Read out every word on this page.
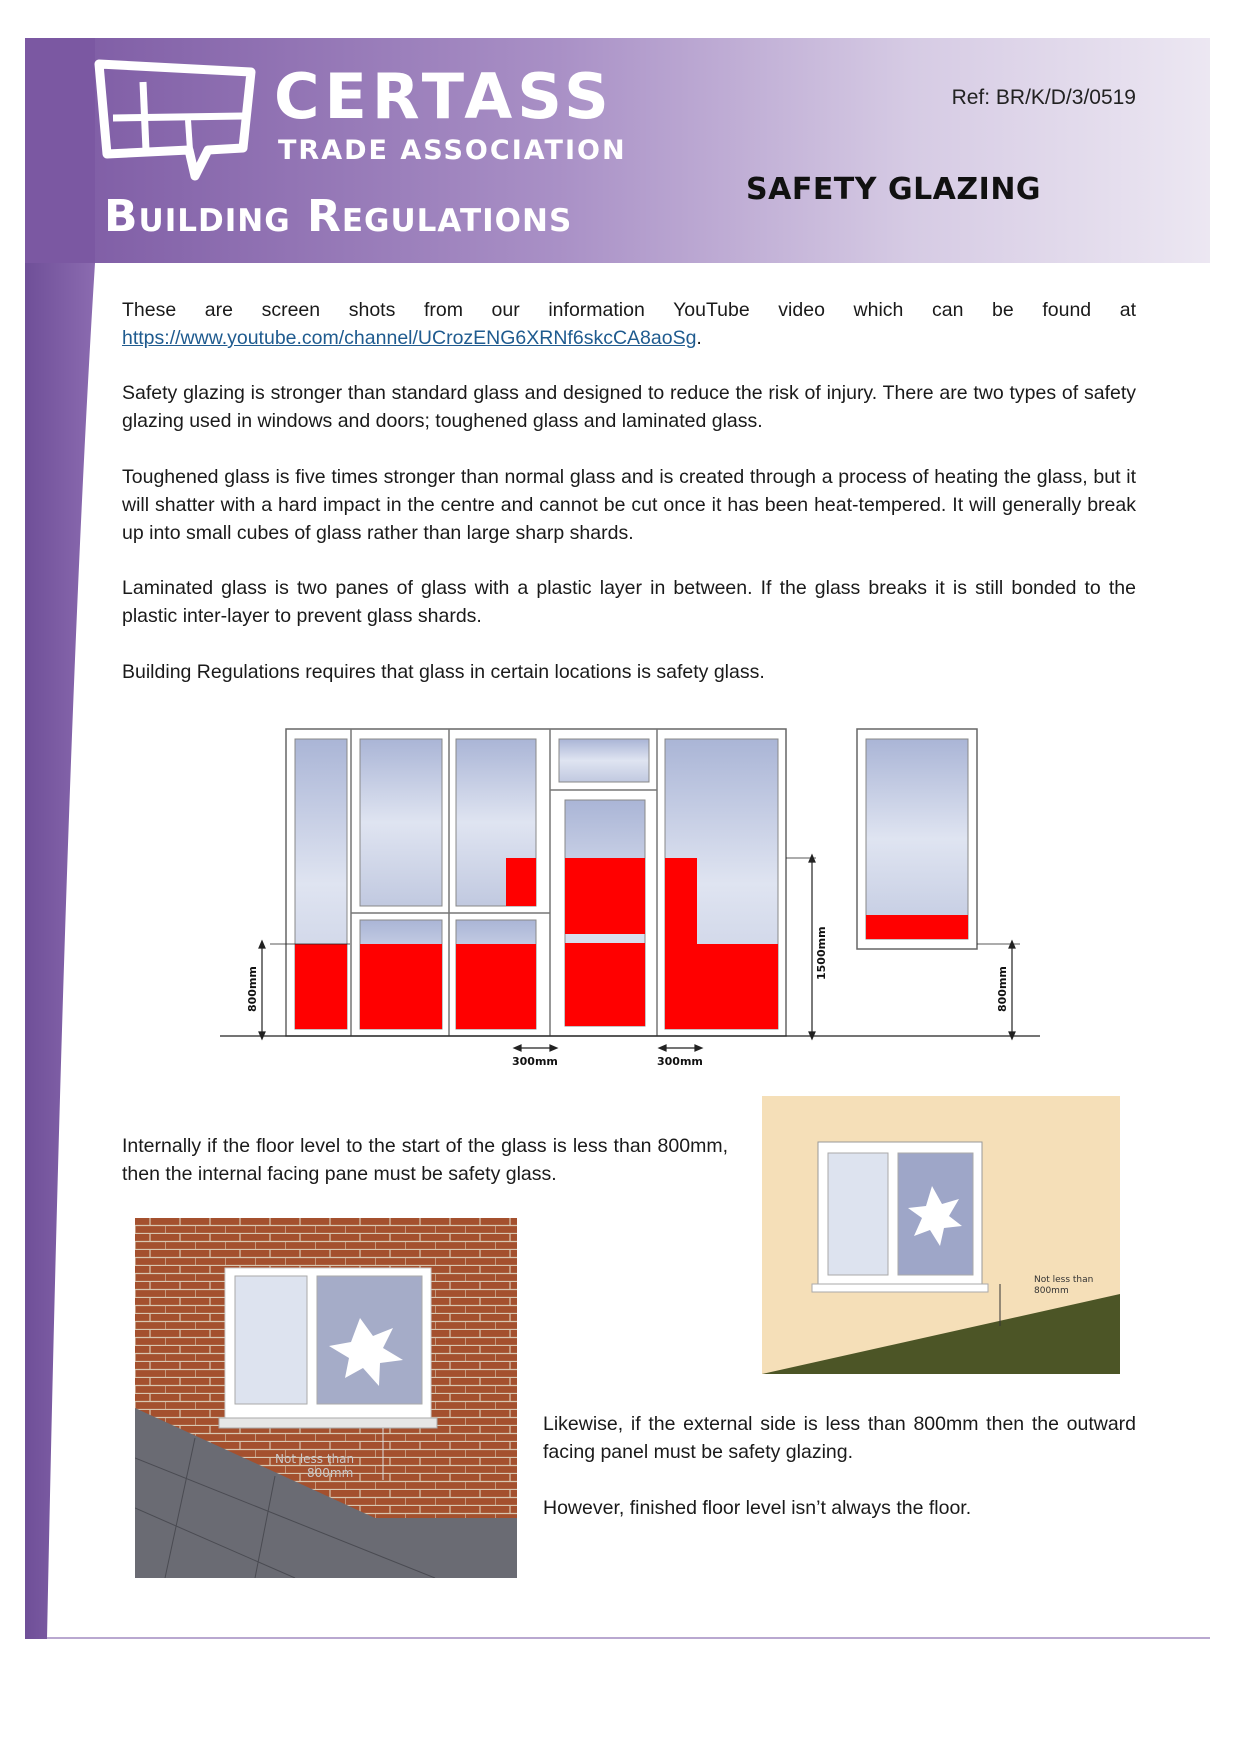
CERTASS
TRADE ASSOCIATION
Building Regulations
Ref: BR/K/D/3/0519
SAFETY GLAZING

These are screen shots from our information YouTube video which can be found at https://www.youtube.com/channel/UCrozENG6XRNf6skcCA8aoSg.

Safety glazing is stronger than standard glass and designed to reduce the risk of injury. There are two types of safety glazing used in windows and doors; toughened glass and laminated glass.

Toughened glass is five times stronger than normal glass and is created through a process of heating the glass, but it will shatter with a hard impact in the centre and cannot be cut once it has been heat-tempered. It will generally break up into small cubes of glass rather than large sharp shards.

Laminated glass is two panes of glass with a plastic layer in between. If the glass breaks it is still bonded to the plastic inter-layer to prevent glass shards.

Building Regulations requires that glass in certain locations is safety glass.

800mm
1500mm
800mm
300mm	300mm
Not less than
800mm

Internally if the floor level to the start of the glass is less than 800mm, then the internal facing pane must be safety glass.

Not less than
800mm

Likewise, if the external side is less than 800mm then the outward facing panel must be safety glazing.

However, finished floor level isn’t always the floor.
